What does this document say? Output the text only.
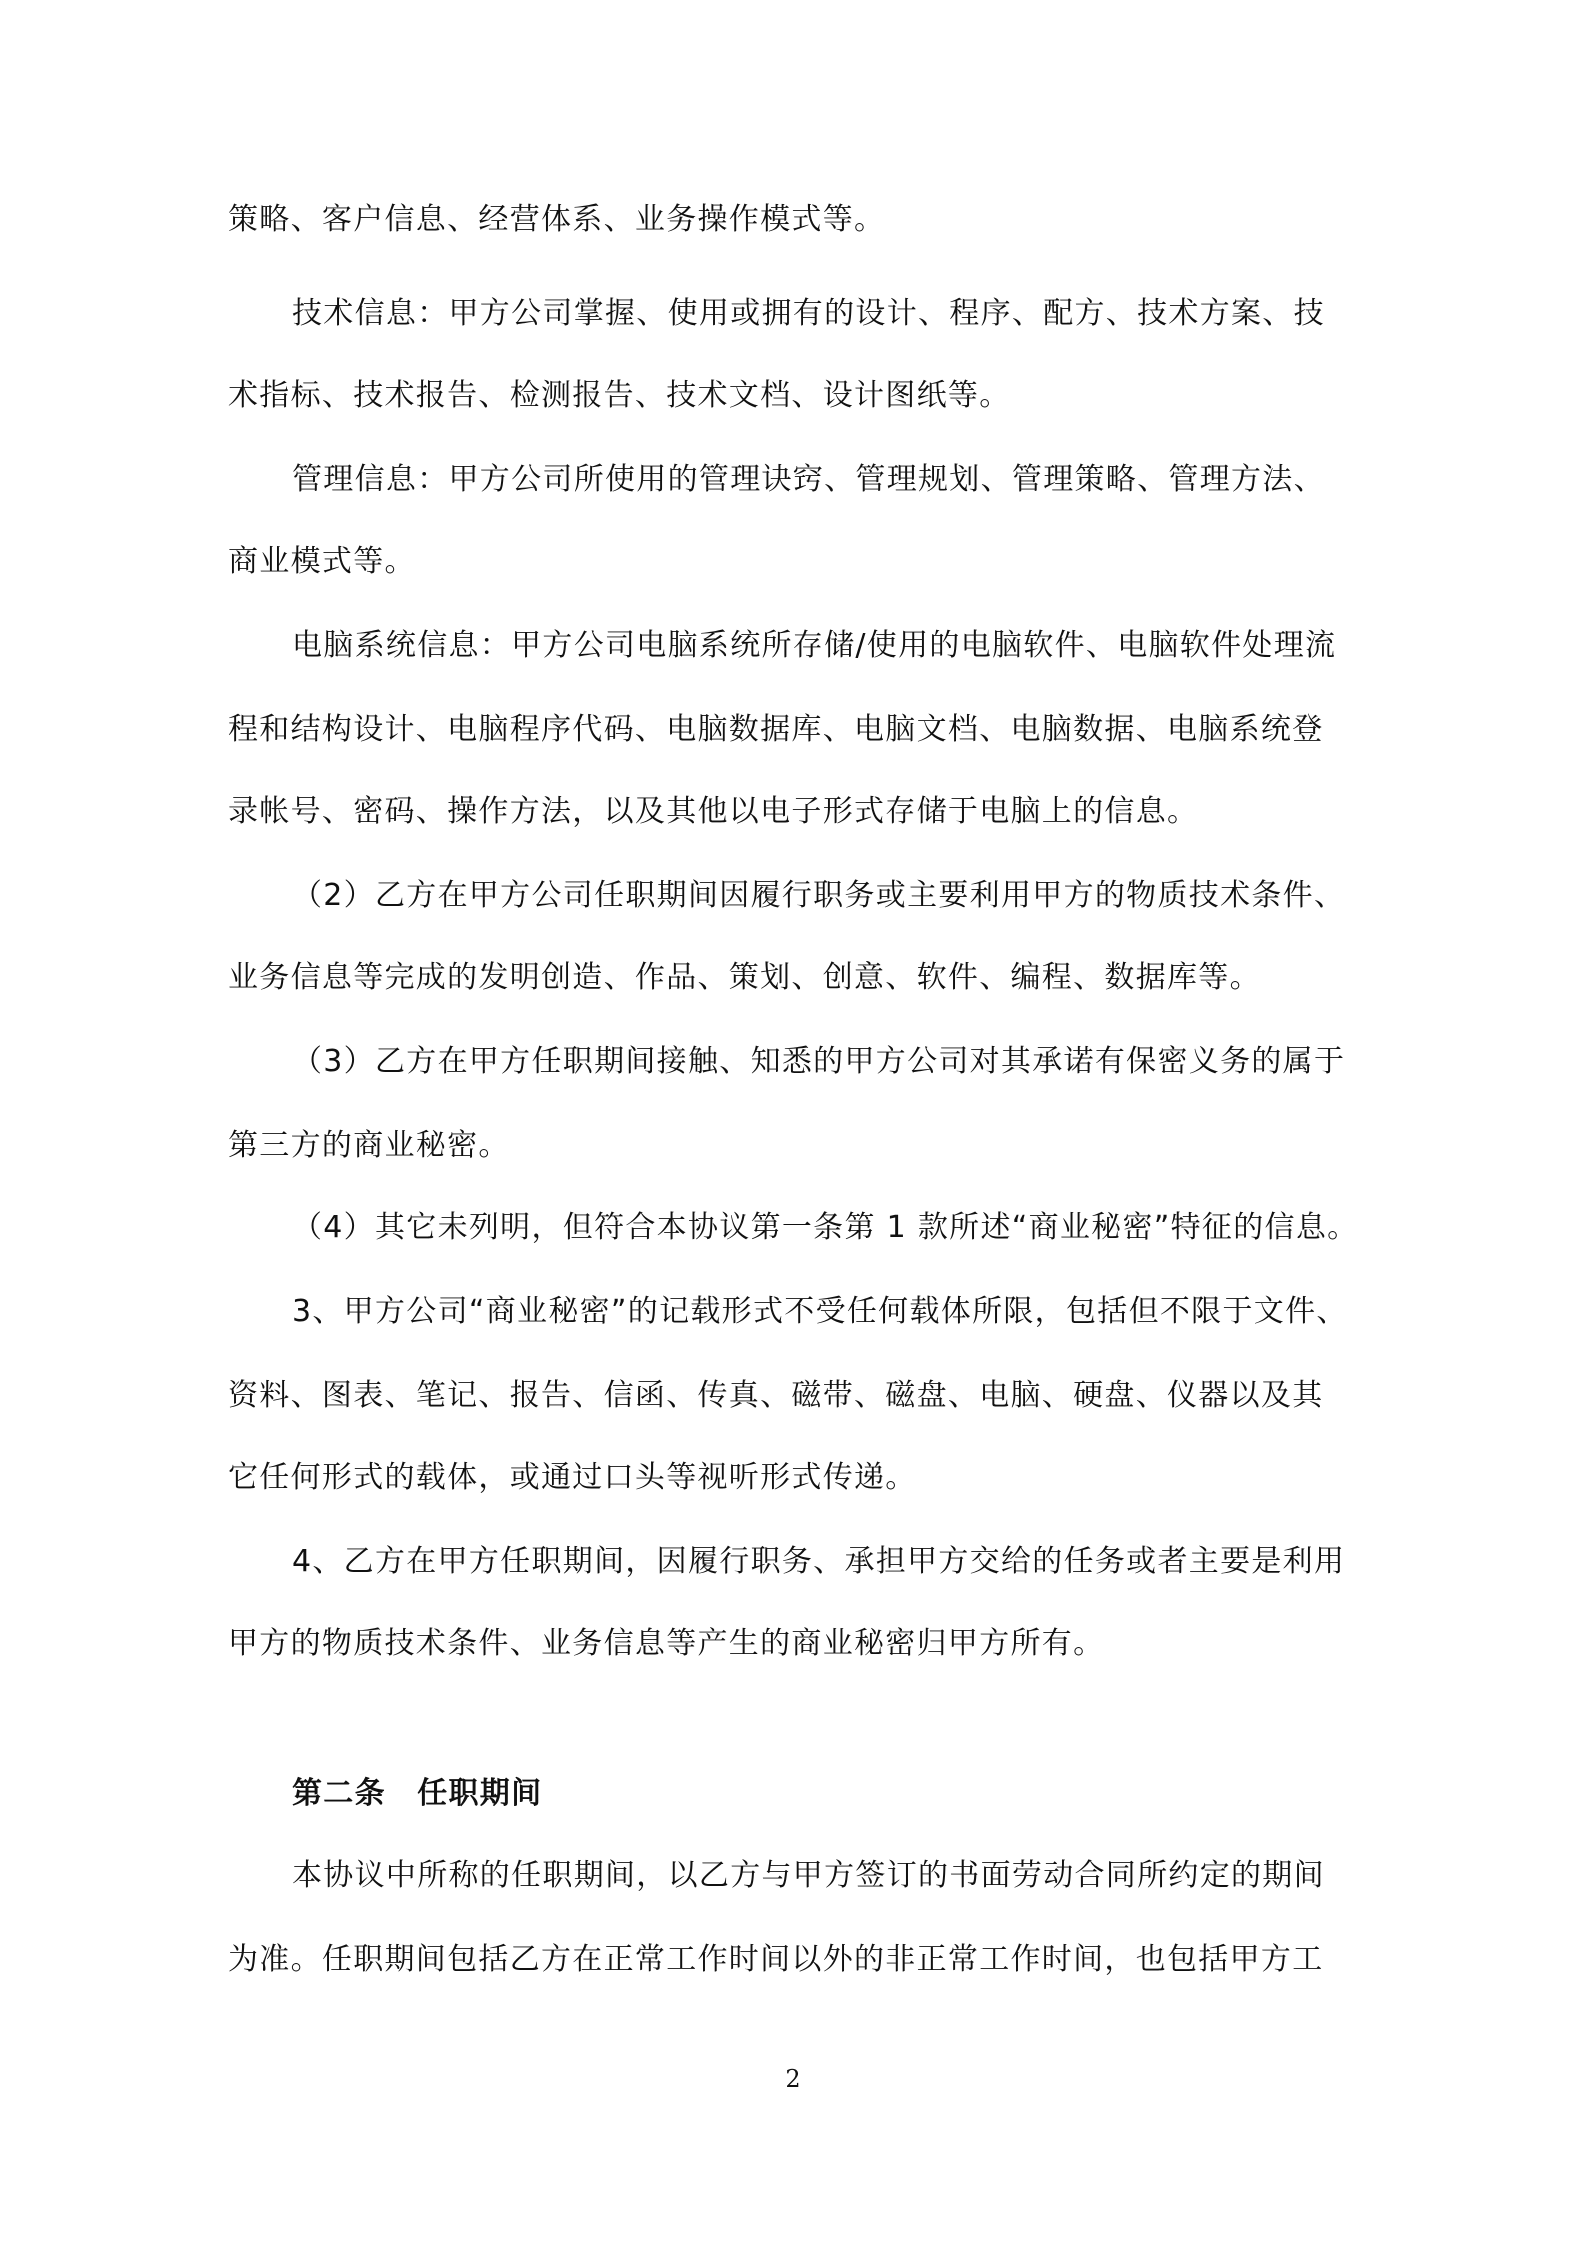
策略、客户信息、经营体系、业务操作模式等。
技术信息：甲方公司掌握、使用或拥有的设计、程序、配方、技术方案、技
术指标、技术报告、检测报告、技术文档、设计图纸等。
管理信息：甲方公司所使用的管理诀窍、管理规划、管理策略、管理方法、
商业模式等。
电脑系统信息：甲方公司电脑系统所存储/使用的电脑软件、电脑软件处理流
程和结构设计、电脑程序代码、电脑数据库、电脑文档、电脑数据、电脑系统登
录帐号、密码、操作方法，以及其他以电子形式存储于电脑上的信息。
（2）乙方在甲方公司任职期间因履行职务或主要利用甲方的物质技术条件、
业务信息等完成的发明创造、作品、策划、创意、软件、编程、数据库等。
（3）乙方在甲方任职期间接触、知悉的甲方公司对其承诺有保密义务的属于
第三方的商业秘密。
（4）其它未列明，但符合本协议第一条第 1 款所述“商业秘密”特征的信息。
3、甲方公司“商业秘密”的记载形式不受任何载体所限，包括但不限于文件、
资料、图表、笔记、报告、信函、传真、磁带、磁盘、电脑、硬盘、仪器以及其
它任何形式的载体，或通过口头等视听形式传递。
4、乙方在甲方任职期间，因履行职务、承担甲方交给的任务或者主要是利用
甲方的物质技术条件、业务信息等产生的商业秘密归甲方所有。
第二条　任职期间
本协议中所称的任职期间，以乙方与甲方签订的书面劳动合同所约定的期间
为准。任职期间包括乙方在正常工作时间以外的非正常工作时间，也包括甲方工
2
